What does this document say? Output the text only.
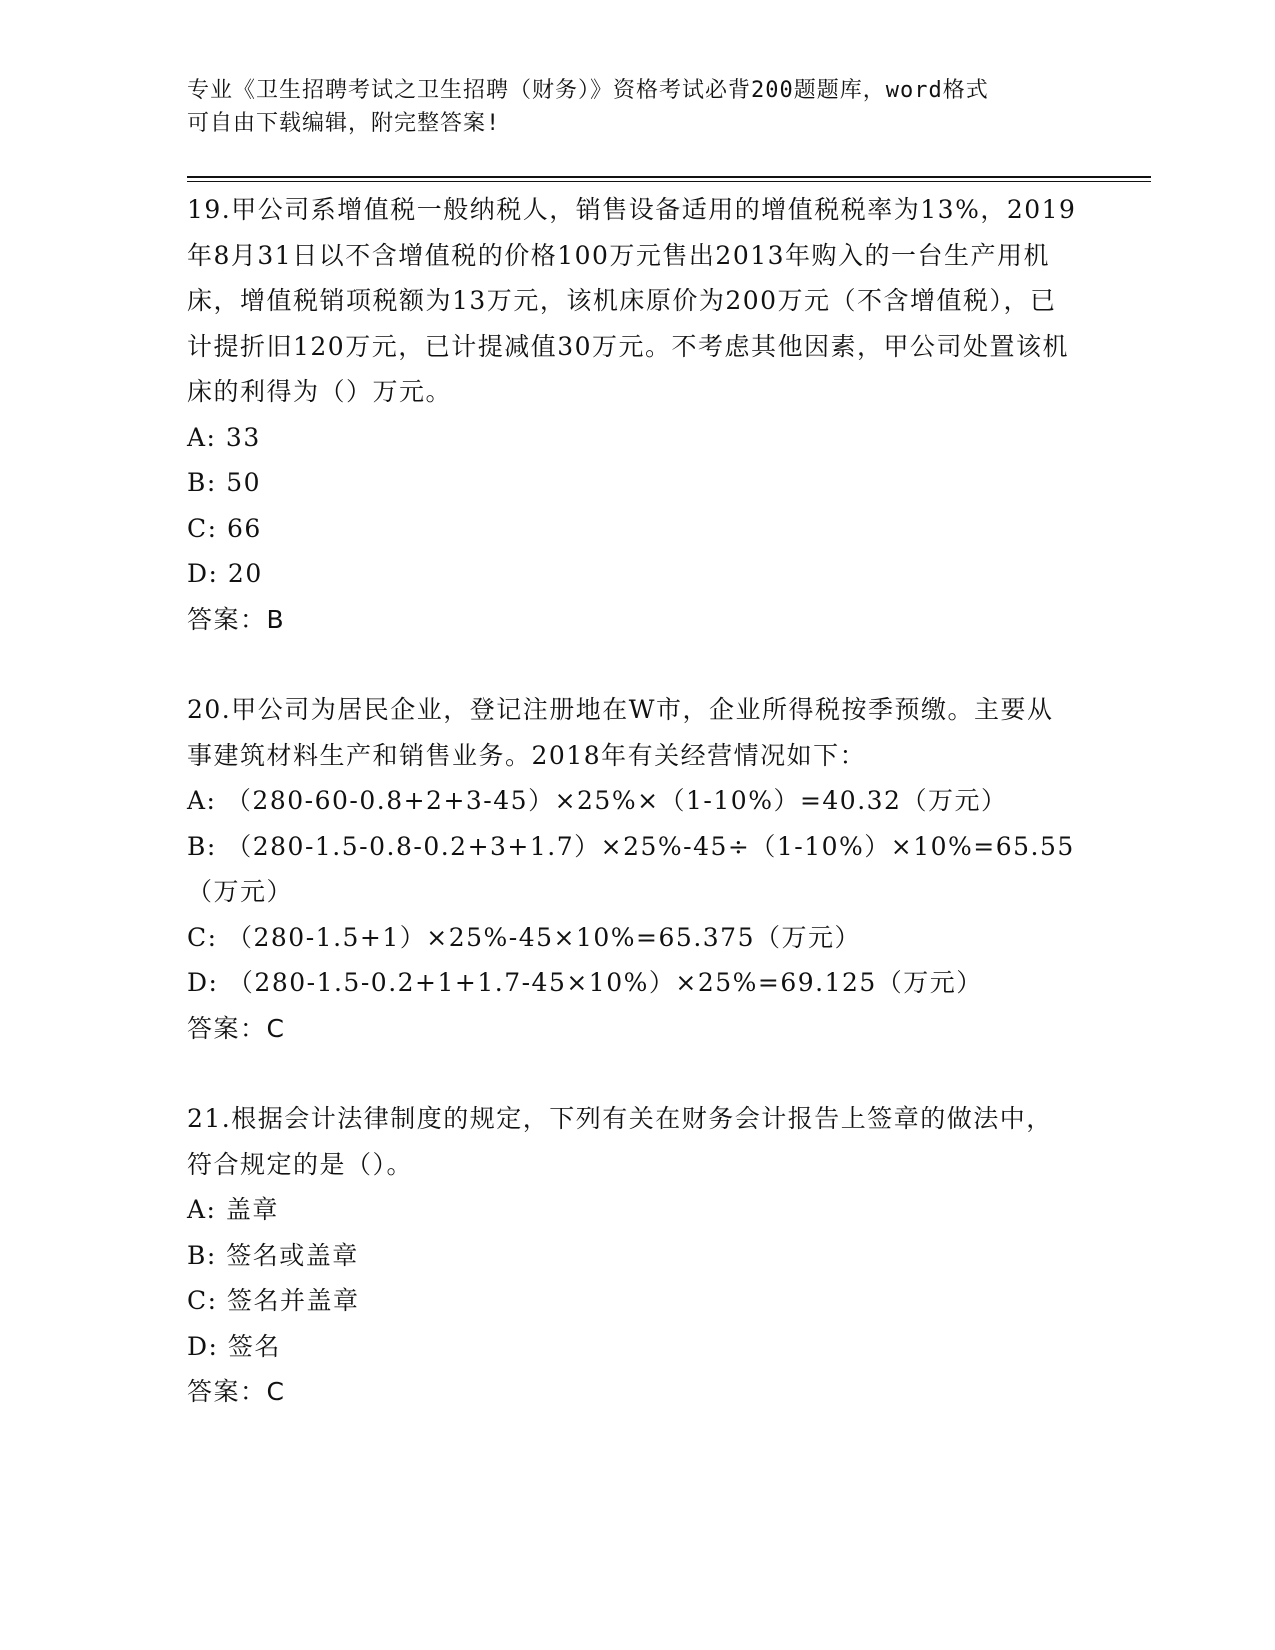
专业《卫生招聘考试之卫生招聘（财务）》资格考试必背200题题库，word格式
可自由下载编辑，附完整答案!

19.甲公司系增值税一般纳税人，销售设备适用的增值税税率为13%，2019年8月31日以不含增值税的价格100万元售出2013年购入的一台生产用机床，增值税销项税额为13万元，该机床原价为200万元（不含增值税），已计提折旧120万元，已计提减值30万元。不考虑其他因素，甲公司处置该机床的利得为（）万元。

A: 33

B: 50

C: 66

D: 20

答案：B

20.甲公司为居民企业，登记注册地在W市，企业所得税按季预缴。主要从事建筑材料生产和销售业务。2018年有关经营情况如下：

A: （280-60-0.8+2+3-45）×25%×（1-10%）=40.32（万元）

B: （280-1.5-0.8-0.2+3+1.7）×25%-45÷（1-10%）×10%=65.55（万元）

C: （280-1.5+1）×25%-45×10%=65.375（万元）

D: （280-1.5-0.2+1+1.7-45×10%）×25%=69.125（万元）

答案：C

21.根据会计法律制度的规定，下列有关在财务会计报告上签章的做法中，符合规定的是（）。

A: 盖章

B: 签名或盖章

C: 签名并盖章

D: 签名

答案：C
